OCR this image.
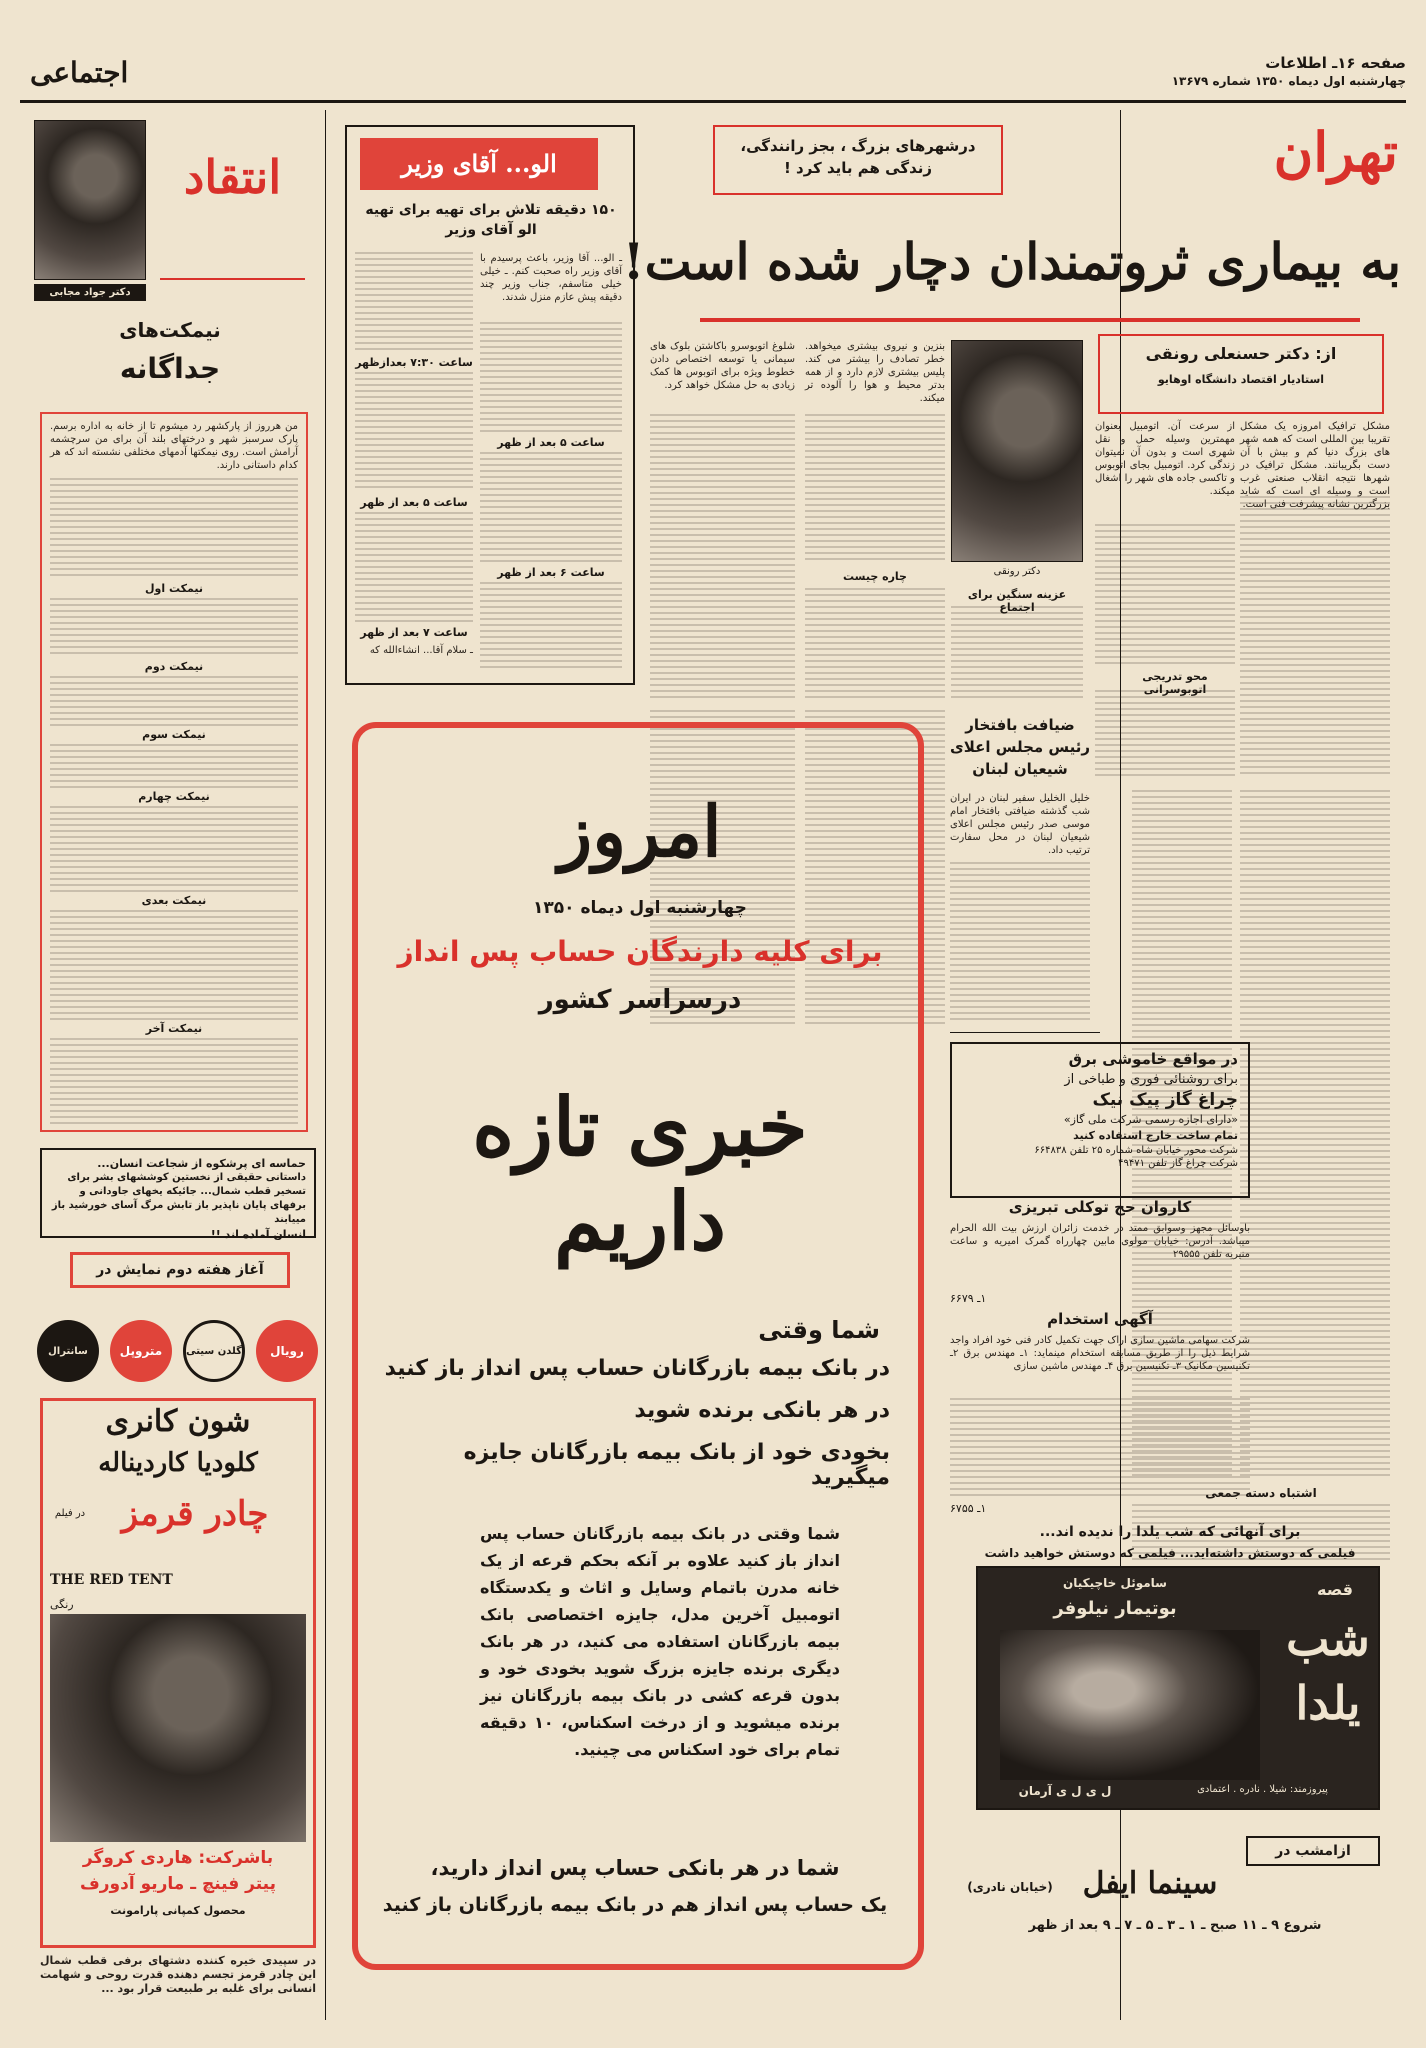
صفحه ۱۶ـ اطلاعات
چهارشنبه اول دیماه ۱۳۵۰ شماره ۱۳۶۷۹
اجتماعی
تهران
درشهرهای بزرگ ، بجز رانندگی، زندگی هم باید کرد !
به بیماری ثروتمندان دچار شده است!
از: دکتر حسنعلی رونقی
استادیار اقتصاد دانشگاه اوهایو
دکتر رونقی
مشکل ترافیک امروزه یک مشکل تقریبا بین المللی است که همه شهر های بزرگ دنیا کم و بیش با آن دست بگریبانند. مشکل ترافیک در شهرها نتیجه انقلاب صنعتی غرب است و وسیله ای است که شاید بزرگترین نشانه پیشرفت فنی است.
محو تدریجی اتوبوسرانی
از سرعت آن. اتومبیل بعنوان مهمترین وسیله حمل و نقل شهری است و بدون آن نمیتوان زندگی کرد. اتومبیل بجای اتوبوس و تاکسی جاده های شهر را اشغال میکند.
عزینه سنگین برای اجتماع
بنزین و نیروی بیشتری میخواهد. خطر تصادف را بیشتر می کند. پلیس بیشتری لازم دارد و از همه بدتر محیط و هوا را آلوده تر میکند.
چاره چیست
شلوغ اتوبوسرو باکاشتن بلوک های سیمانی یا توسعه اختصاص دادن خطوط ویژه برای اتوبوس ها کمک زیادی به حل مشکل خواهد کرد.
اشتباه دسته جمعی
انتقاد
دکتر جواد مجابی
نیمکت‌های
جداگانه
من هرروز از پارکشهر رد میشوم تا از خانه به اداره برسم. پارک سرسبز شهر و درختهای بلند آن برای من سرچشمه آرامش است. روی نیمکتها آدمهای مختلفی نشسته اند که هر کدام داستانی دارند.
نیمکت اول
نیمکت دوم
نیمکت سوم
نیمکت چهارم
نیمکت بعدی
نیمکت آخر
الو... آقای وزیر
۱۵۰ دقیقه تلاش برای تهیه برای تهیه الو آقای وزیر
ـ الو... آقا وزیر، باعث پرسیدم با آقای وزیر راه صحبت کنم. ـ خیلی خیلی متاسفم، جناب وزیر چند دقیقه پیش عازم منزل شدند.
ساعت ۵ بعد از ظهر
ساعت ۶ بعد از ظهر
ساعت ۷:۳۰ بعدازظهر
ساعت ۵ بعد از ظهر
ساعت ۷ بعد از ظهر
ـ سلام آقا... انشاءالله که
ضیافت بافتخار رئیس مجلس اعلای شیعیان لبنان
خلیل الخلیل سفیر لبنان در ایران شب گذشته ضیافتی بافتخار امام موسی صدر رئیس مجلس اعلای شیعیان لبنان در محل سفارت ترتیب داد.
امروز
چهارشنبه اول دیماه ۱۳۵۰
برای کلیه دارندگان حساب پس انداز
درسراسر کشور
خبری تازه داریم
شما وقتی
در بانک بیمه بازرگانان حساب پس انداز باز کنید
در هر بانکی برنده شوید
بخودی خود از بانک بیمه بازرگانان جایزه میگیرید
شما وقتی در بانک بیمه بازرگانان حساب پس انداز باز کنید علاوه بر آنکه بحکم قرعه از یک خانه مدرن باتمام وسایل و اثاث و یکدستگاه اتومبیل آخرین مدل، جایزه اختصاصی بانک بیمه بازرگانان استفاده می کنید، در هر بانک دیگری برنده جایزه بزرگ شوید بخودی خود و بدون قرعه کشی در بانک بیمه بازرگانان نیز برنده میشوید و از درخت اسکناس، ۱۰ دقیقه تمام برای خود اسکناس می چینید.
شما در هر بانکی حساب پس انداز دارید،
یک حساب پس انداز هم در بانک بیمه بازرگانان باز کنید
در مواقع خاموشی برق
برای روشنائی فوری و طباخی از
چراغ گاز پیک نیک
«دارای اجازه رسمی شرکت ملی گاز»
تمام ساخت خارج استفاده کنید
شرکت محور خیابان شاه شماره ۲۵ تلفن ۶۶۴۸۳۸
شرکت چراغ گاز تلفن ۴۹۴۷۱
کاروان حج توکلی تبریزی
باوسائل مجهز وسوابق ممتد در خدمت زائران ارزش بیت الله الحرام میباشد. آدرس: خیابان مولوی مابین چهارراه گمرک امیریه و ساعت منیریه تلفن ۲۹۵۵۵
۱ـ ۶۶۷۹
آگهی استخدام
شرکت سهامی ماشین سازی اراک جهت تکمیل کادر فنی خود افراد واجد شرایط ذیل را از طریق مسابقه استخدام مینماید: ۱ـ مهندس برق ۲ـ تکنیسین مکانیک ۳ـ تکنیسین برق ۴ـ مهندس ماشین سازی
۱ـ ۶۷۵۵
برای آنهائی که شب یلدا را ندیده اند...
فیلمی که دوستش داشته‌اید... فیلمی که دوستش خواهید داشت
ساموئل خاچیکیان
بوتیمار نیلوفر
قصه
شب
یلدا
پیروزمند: شیلا . نادره . اعتمادی
ل ی ل ی آرمان
ازامشب در
سینما ایفل
(خیابان نادری)
شروع ۹ ـ ۱۱ صبح ـ ۱ ـ ۳ ـ ۵ ـ ۷ ـ ۹ بعد از ظهر
حماسه ای پرشکوه از شجاعت انسان...
داستانی حقیقی از نخستین کوششهای بشر برای تسخیر قطب شمال... جائیکه یخهای جاودانی و برفهای پایان ناپذیر باز تابش مرگ آسای خورشید باز مییابند
انسان آماده اند !!
آغاز هفته دوم نمایش در
رویال
متروپل	گلدن سیتی
سانترال
شون کانری
کلودیا کاردیناله
در فیلم	چادر قرمز
THE RED TENT
رنگی
باشرکت: هاردی کروگر
پیتر فینچ ـ ماریو آدورف
محصول کمپانی پارامونت
در سپیدی خیره کننده دشتهای برفی قطب شمال این چادر قرمز تجسم دهنده قدرت روحی و شهامت انسانی برای غلبه بر طبیعت قرار بود ...
